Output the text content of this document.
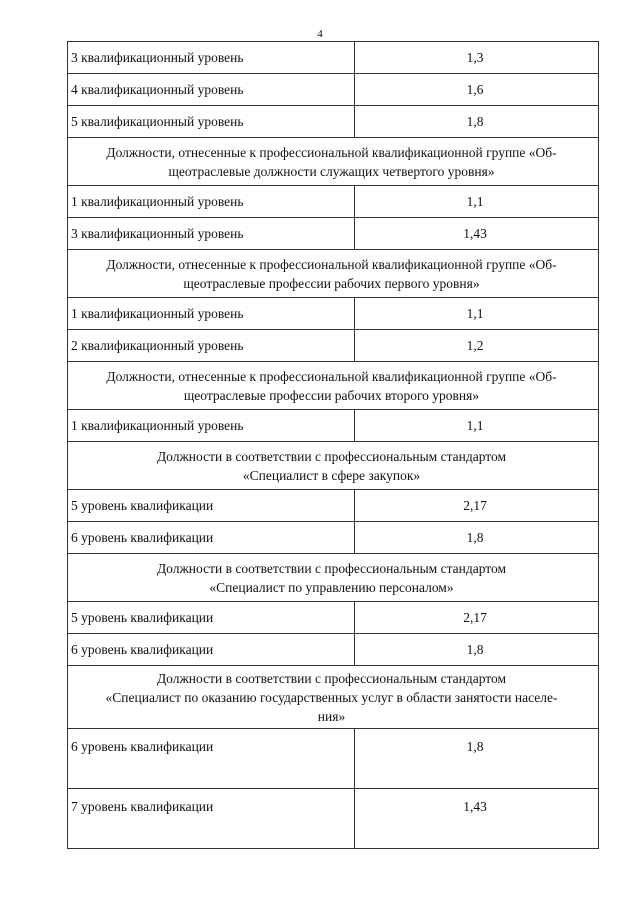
4
3 квалификационный уровень	1,3
4 квалификационный уровень	1,6
5 квалификационный уровень	1,8

Должности, отнесенные к профессиональной квалификационной группе «Об-
щеотраслевые должности служащих четвертого уровня»	

1 квалификационный уровень	1,1
3 квалификационный уровень	1,43

Должности, отнесенные к профессиональной квалификационной группе «Об-
щеотраслевые профессии рабочих первого уровня»	

1 квалификационный уровень	1,1
2 квалификационный уровень	1,2

Должности, отнесенные к профессиональной квалификационной группе «Об-
щеотраслевые профессии рабочих второго уровня»	

1 квалификационный уровень	1,1

Должности в соответствии с профессиональным стандартом
«Специалист в сфере закупок»	

5 уровень квалификации	2,17
6 уровень квалификации	1,8

Должности в соответствии с профессиональным стандартом
«Специалист по управлению персоналом»	

5 уровень квалификации	2,17
6 уровень квалификации	1,8

Должности в соответствии с профессиональным стандартом
«Специалист по оказанию государственных услуг в области занятости населе-
ния»	

6 уровень квалификации	1,8
7 уровень квалификации	1,43
